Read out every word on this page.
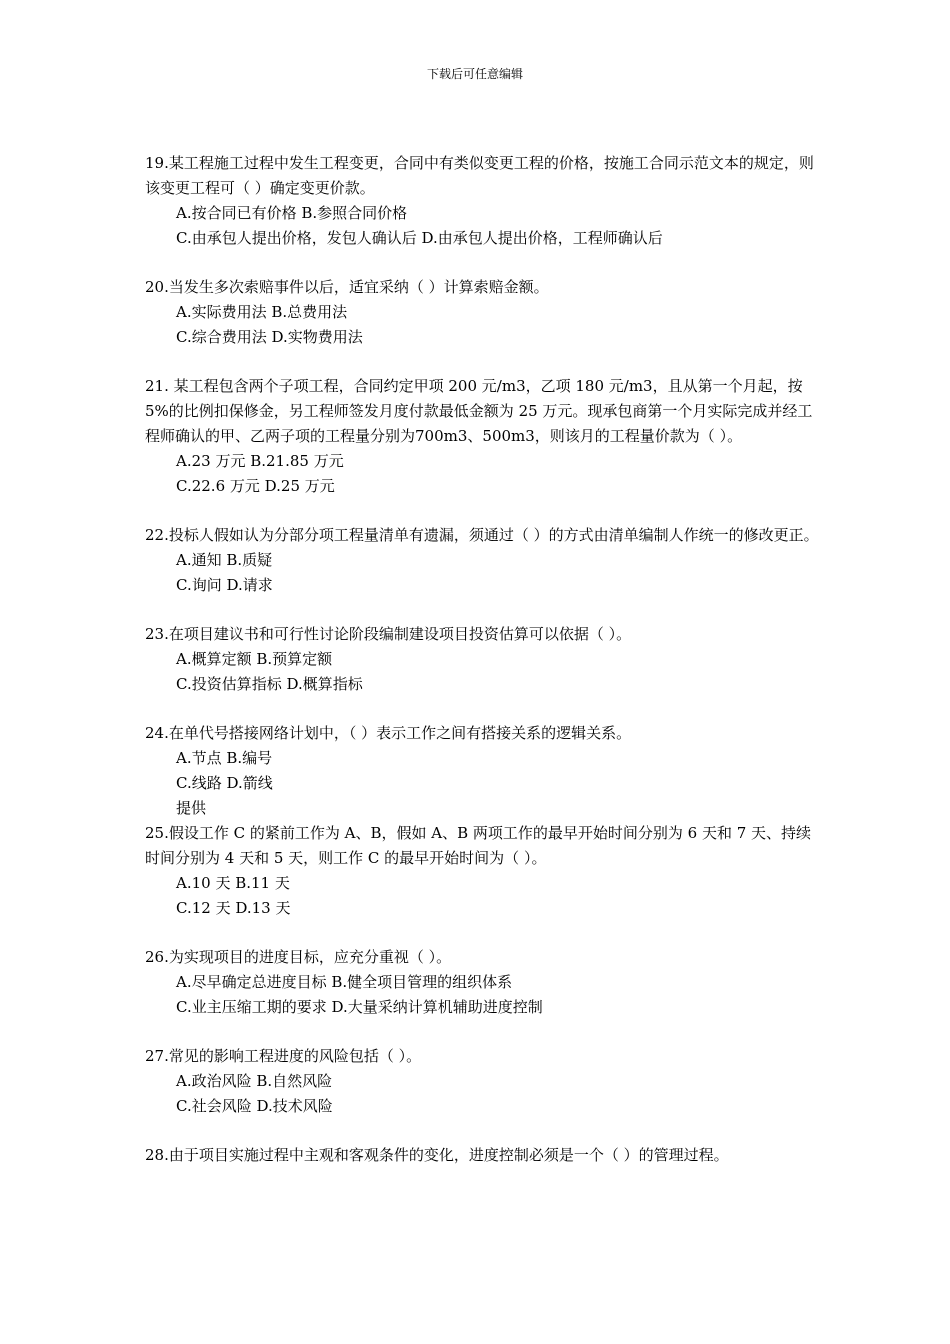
下载后可任意编辑

19.某工程施工过程中发生工程变更，合同中有类似变更工程的价格，按施工合同示范文本的规定，则该变更工程可（ ）确定变更价款。

A.按合同已有价格 B.参照合同价格

C.由承包人提出价格，发包人确认后 D.由承包人提出价格，工程师确认后

20.当发生多次索赔事件以后，适宜采纳（ ）计算索赔金额。

A.实际费用法 B.总费用法

C.综合费用法 D.实物费用法

21. 某工程包含两个子项工程，合同约定甲项 200 元/m3，乙项 180 元/m3，且从第一个月起，按 5%的比例扣保修金，另工程师签发月度付款最低金额为 25 万元。现承包商第一个月实际完成并经工程师确认的甲、乙两子项的工程量分别为700m3、500m3，则该月的工程量价款为（ ）。

A.23 万元 B.21.85 万元

C.22.6 万元 D.25 万元

22.投标人假如认为分部分项工程量清单有遗漏，须通过（ ）的方式由清单编制人作统一的修改更正。

A.通知 B.质疑

C.询问 D.请求

23.在项目建议书和可行性讨论阶段编制建设项目投资估算可以依据（ ）。

A.概算定额 B.预算定额

C.投资估算指标 D.概算指标

24.在单代号搭接网络计划中，（ ）表示工作之间有搭接关系的逻辑关系。

A.节点 B.编号

C.线路 D.箭线

提供

25.假设工作 C 的紧前工作为 A、B，假如 A、B 两项工作的最早开始时间分别为 6 天和 7 天、持续时间分别为 4 天和 5 天，则工作 C 的最早开始时间为（ ）。

A.10 天 B.11 天

C.12 天 D.13 天

26.为实现项目的进度目标，应充分重视（ ）。

A.尽早确定总进度目标 B.健全项目管理的组织体系

C.业主压缩工期的要求 D.大量采纳计算机辅助进度控制

27.常见的影响工程进度的风险包括（ ）。

A.政治风险 B.自然风险

C.社会风险 D.技术风险

28.由于项目实施过程中主观和客观条件的变化，进度控制必须是一个（ ）的管理过程。
